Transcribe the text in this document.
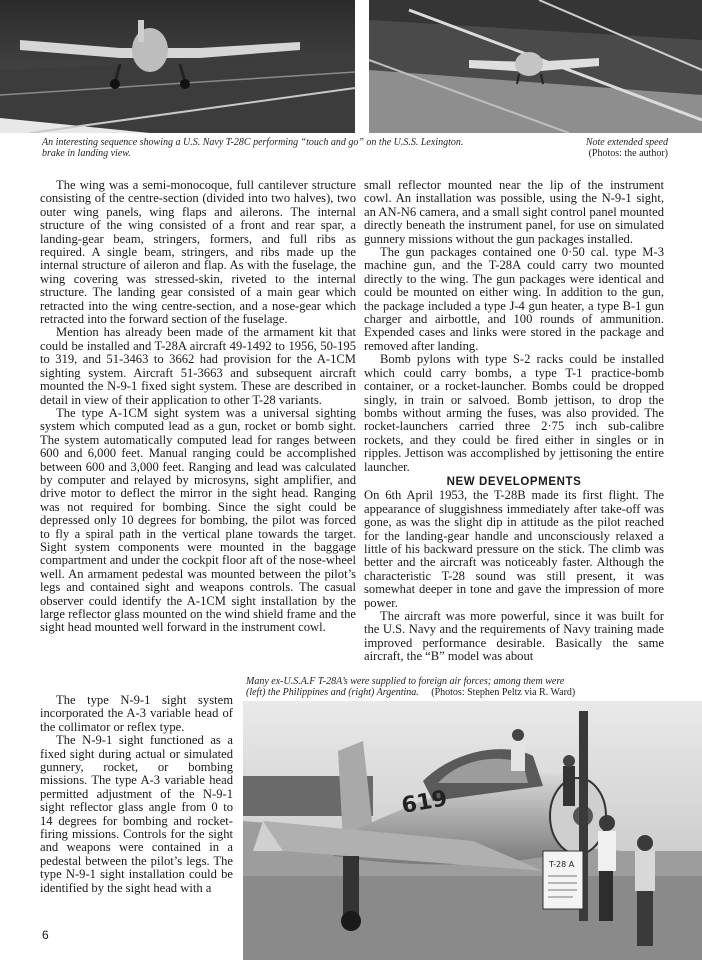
An interesting sequence showing a U.S. Navy T-28C performing “touch and go” on the U.S.S. Lexington.	Note extended speed
brake in landing view.	(Photos: the author)

The wing was a semi-monocoque, full cantilever structure consisting of the centre-section (divided into two halves), two outer wing panels, wing flaps and ailerons. The internal structure of the wing consisted of a front and rear spar, a landing-gear beam, stringers, formers, and full ribs as required. A single beam, stringers, and ribs made up the internal structure of aileron and flap. As with the fuselage, the wing covering was stressed-skin, riveted to the internal structure. The landing gear consisted of a main gear which retracted into the wing centre-section, and a nose-gear which retracted into the forward section of the fuselage.

Mention has already been made of the armament kit that could be installed and T-28A aircraft 49-1492 to 1956, 50-195 to 319, and 51-3463 to 3662 had provision for the A-1CM sighting system. Aircraft 51-3663 and subsequent aircraft mounted the N-9-1 fixed sight system. These are described in detail in view of their application to other T-28 variants.

The type A-1CM sight system was a universal sighting system which computed lead as a gun, rocket or bomb sight. The system automatically computed lead for ranges between 600 and 6,000 feet. Manual ranging could be accomplished between 600 and 3,000 feet. Ranging and lead was calculated by computer and relayed by microsyns, sight amplifier, and drive motor to deflect the mirror in the sight head. Ranging was not required for bombing. Since the sight could be depressed only 10 degrees for bombing, the pilot was forced to fly a spiral path in the vertical plane towards the target. Sight system components were mounted in the baggage compartment and under the cockpit floor aft of the nose-wheel well. An armament pedestal was mounted between the pilot’s legs and contained sight and weapons controls. The casual observer could identify the A-1CM sight installation by the large reflector glass mounted on the wind shield frame and the sight head mounted well forward in the instrument cowl.

The type N-9-1 sight system incorporated the A-3 variable head of the collimator or reflex type.

The N-9-1 sight functioned as a fixed sight during actual or simulated gunnery, rocket, or bombing missions. The type A-3 variable head permitted adjustment of the N-9-1 sight reflector glass angle from 0 to 14 degrees for bombing and rocket-firing missions. Controls for the sight and weapons were contained in a pedestal between the pilot’s legs. The type N-9-1 sight installation could be identified by the sight head with a

small reflector mounted near the lip of the instrument cowl. An installation was possible, using the N-9-1 sight, an AN-N6 camera, and a small sight control panel mounted directly beneath the instrument panel, for use on simulated gunnery missions without the gun packages installed.

The gun packages contained one 0·50 cal. type M-3 machine gun, and the T-28A could carry two mounted directly to the wing. The gun packages were identical and could be mounted on either wing. In addition to the gun, the package included a type J-4 gun heater, a type B-1 gun charger and airbottle, and 100 rounds of ammunition. Expended cases and links were stored in the package and removed after landing.

Bomb pylons with type S-2 racks could be installed which could carry bombs, a type T-1 practice-bomb container, or a rocket-launcher. Bombs could be dropped singly, in train or salvoed. Bomb jettison, to drop the bombs without arming the fuses, was also provided. The rocket-launchers carried three 2·75 inch sub-calibre rockets, and they could be fired either in singles or in ripples. Jettison was accomplished by jettisoning the entire launcher.

NEW DEVELOPMENTS

On 6th April 1953, the T-28B made its first flight. The appearance of sluggishness immediately after take-off was gone, as was the slight dip in attitude as the pilot reached for the landing-gear handle and unconsciously relaxed a little of his backward pressure on the stick. The climb was better and the aircraft was noticeably faster. Although the characteristic T-28 sound was still present, it was somewhat deeper in tone and gave the impression of more power.

The aircraft was more powerful, since it was built for the U.S. Navy and the requirements of Navy training made improved performance desirable. Basically the same aircraft, the “B” model was about

Many ex-U.S.A.F T-28A’s were supplied to foreign air forces; among them were
(left) the Philippines and (right) Argentina. (Photos: Stephen Peltz via R. Ward)
619
T-28 A
6
